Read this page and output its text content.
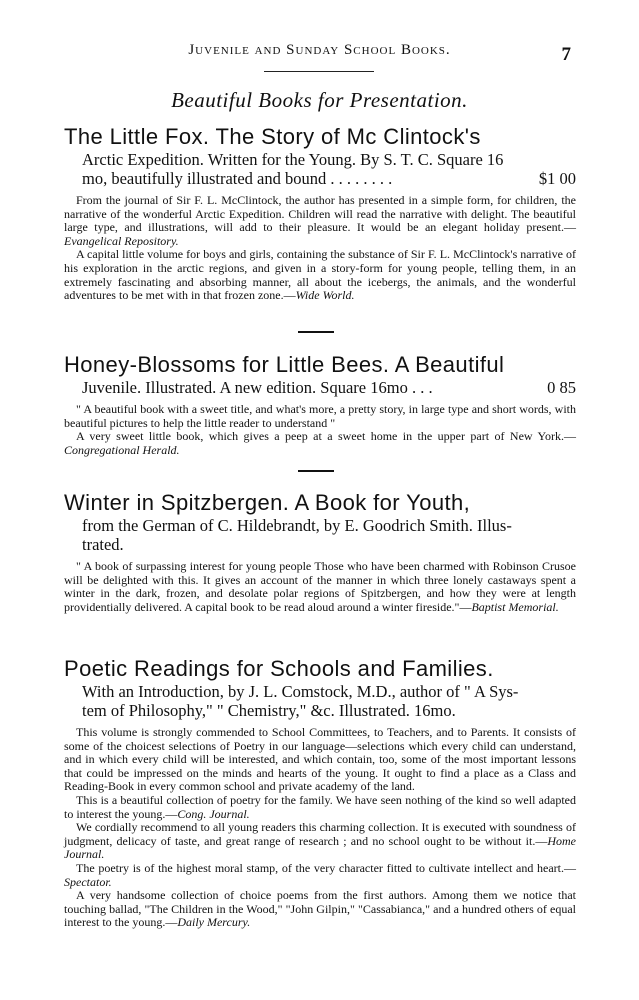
Juvenile and Sunday School Books.	7
Beautiful Books for Presentation.
The Little Fox. The Story of Mc Clintock's
Arctic Expedition. Written for the Young. By S. T. C. Square 16
mo, beautifully illustrated and bound . . . . . . . .	$1 00

From the journal of Sir F. L. McClintock, the author has presented in a simple form, for children, the narrative of the wonderful Arctic Expedition. Children will read the narrative with delight. The beautiful large type, and illustrations, will add to their pleasure. It would be an elegant holiday present.—Evangelical Repository.

A capital little volume for boys and girls, containing the substance of Sir F. L. McClintock's narrative of his exploration in the arctic regions, and given in a story-form for young people, telling them, in an extremely fascinating and absorbing manner, all about the icebergs, the animals, and the wonderful adventures to be met with in that frozen zone.—Wide World.

Honey-Blossoms for Little Bees. A Beautiful
Juvenile. Illustrated. A new edition. Square 16mo . . .	0 85

" A beautiful book with a sweet title, and what's more, a pretty story, in large type and short words, with beautiful pictures to help the little reader to understand "

A very sweet little book, which gives a peep at a sweet home in the upper part of New York.—Congregational Herald.

Winter in Spitzbergen. A Book for Youth,
from the German of C. Hildebrandt, by E. Goodrich Smith. Illus-
trated.

" A book of surpassing interest for young people Those who have been charmed with Robinson Crusoe will be delighted with this. It gives an account of the manner in which three lonely castaways spent a winter in the dark, frozen, and desolate polar regions of Spitzbergen, and how they were at length providentially delivered. A capital book to be read aloud around a winter fireside."—Baptist Memorial.

Poetic Readings for Schools and Families.
With an Introduction, by J. L. Comstock, M.D., author of " A Sys-
tem of Philosophy," " Chemistry," &c. Illustrated. 16mo.

This volume is strongly commended to School Committees, to Teachers, and to Parents. It consists of some of the choicest selections of Poetry in our language—selections which every child can understand, and in which every child will be interested, and which contain, too, some of the most important lessons that could be impressed on the minds and hearts of the young. It ought to find a place as a Class and Reading-Book in every common school and private academy of the land.

This is a beautiful collection of poetry for the family. We have seen nothing of the kind so well adapted to interest the young.—Cong. Journal.

We cordially recommend to all young readers this charming collection. It is executed with soundness of judgment, delicacy of taste, and great range of research ; and no school ought to be without it.—Home Journal.

The poetry is of the highest moral stamp, of the very character fitted to cultivate intellect and heart.—Spectator.

A very handsome collection of choice poems from the first authors. Among them we notice that touching ballad, "The Children in the Wood," "John Gilpin," "Cassabianca," and a hundred others of equal interest to the young.—Daily Mercury.
